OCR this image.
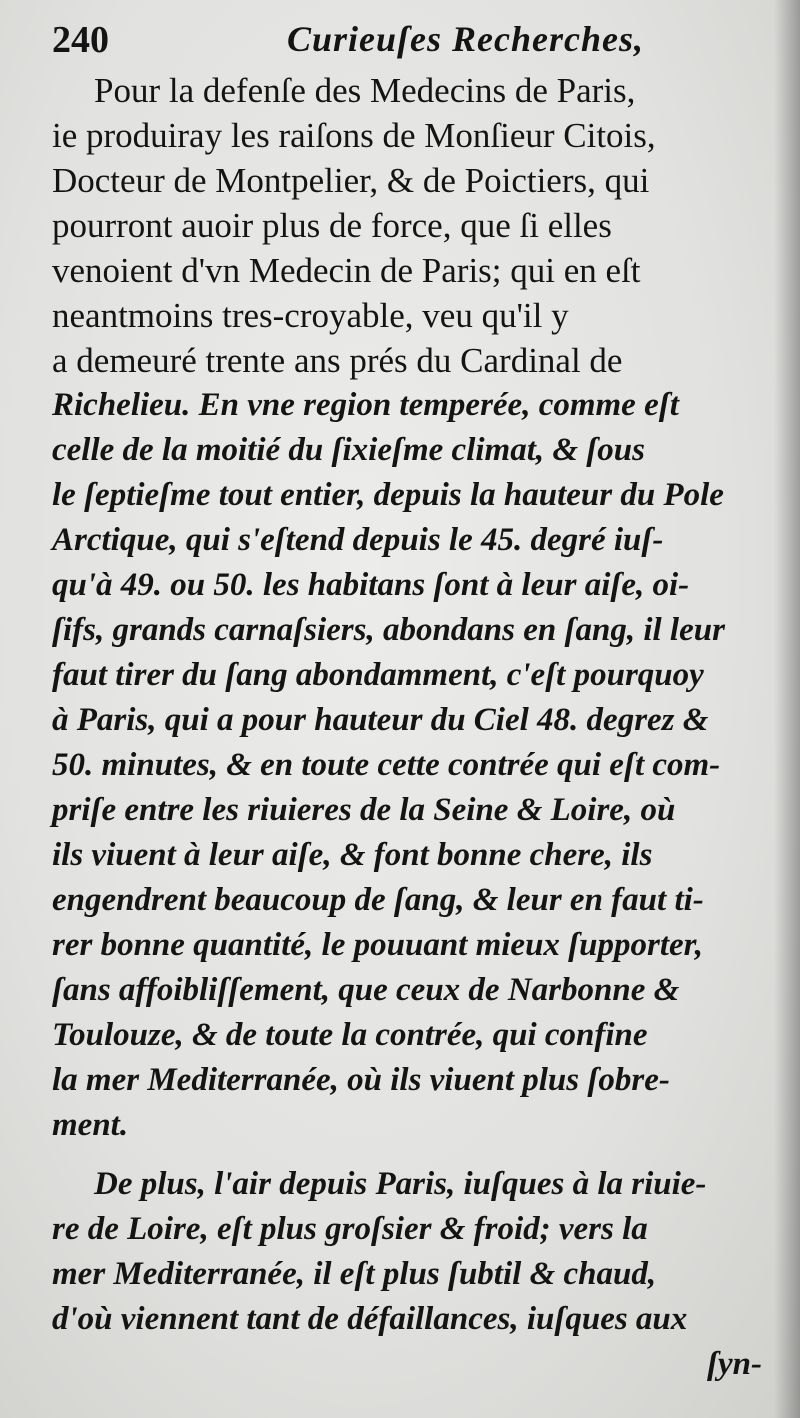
240	Curieuſes Recherches,
Pour la defenſe des Medecins de Paris,
ie produiray les raiſons de Monſieur Citois,
Docteur de Montpelier, & de Poictiers, qui
pourront auoir plus de force, que ſi elles
venoient d'vn Medecin de Paris; qui en eſt
neantmoins tres-croyable, veu qu'il y
a demeuré trente ans prés du Cardinal de
Richelieu. En vne region temperée, comme eſt
celle de la moitié du ſixieſme climat, & ſous
le ſeptieſme tout entier, depuis la hauteur du Pole
Arctique, qui s'eſtend depuis le 45. degré iuſ-
qu'à 49. ou 50. les habitans ſont à leur aiſe, oi-
ſifs, grands carnaſsiers, abondans en ſang, il leur
faut tirer du ſang abondamment, c'eſt pourquoy
à Paris, qui a pour hauteur du Ciel 48. degrez &
50. minutes, & en toute cette contrée qui eſt com-
priſe entre les riuieres de la Seine & Loire, où
ils viuent à leur aiſe, & font bonne chere, ils
engendrent beaucoup de ſang, & leur en faut ti-
rer bonne quantité, le pouuant mieux ſupporter,
ſans affoibliſſement, que ceux de Narbonne &
Toulouze, & de toute la contrée, qui confine
la mer Mediterranée, où ils viuent plus ſobre-
ment.
De plus, l'air depuis Paris, iuſques à la riuie-
re de Loire, eſt plus groſsier & froid; vers la
mer Mediterranée, il eſt plus ſubtil & chaud,
d'où viennent tant de défaillances, iuſques aux
ſyn-
